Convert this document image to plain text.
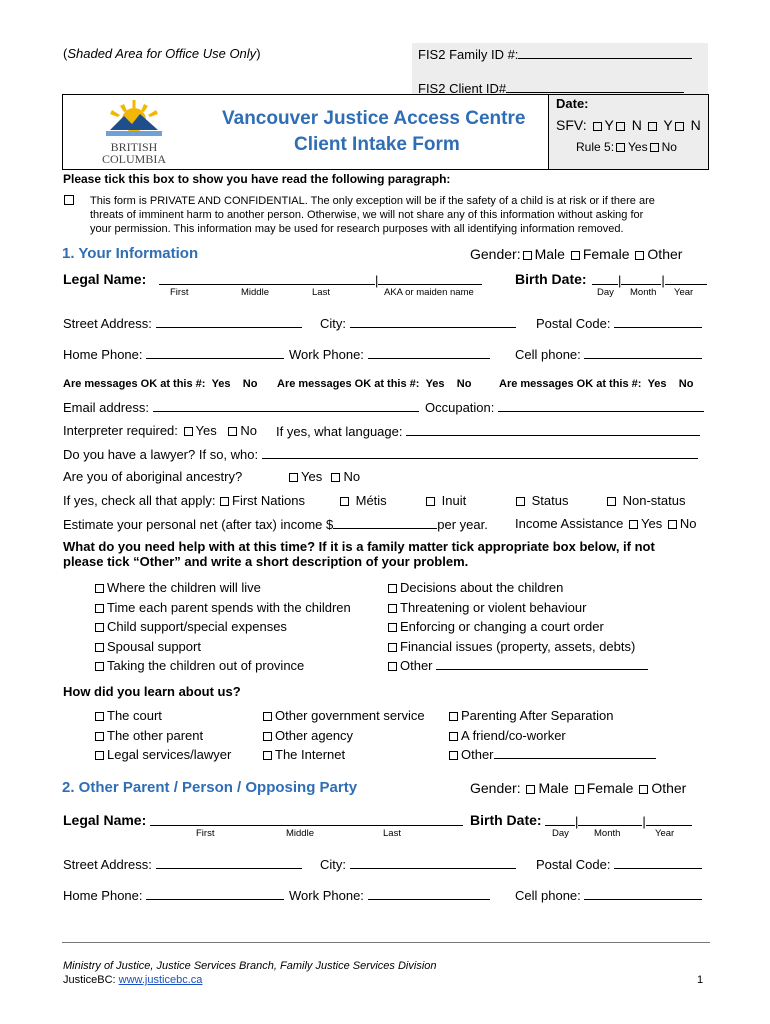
(Shaded Area for Office Use Only)	FIS2 Family ID #:
FIS2 Client ID#
BRITISH
COLUMBIA
Vancouver Justice Access Centre
Client Intake Form
Date:
SFV: Y N Y N
Rule 5: Yes No
Please tick this box to show you have read the following paragraph:
This form is PRIVATE AND CONFIDENTIAL. The only exception will be if the safety of a child is at risk or if there are
threats of imminent harm to another person. Otherwise, we will not share any of this information without asking for
your permission. This information may be used for research purposes with all identifying information removed.
1. Your Information	Gender: Male Female Other
Legal Name:	|	Birth Date:	|	|
First	Middle	Last	AKA or maiden name	Day Month Year
Street Address:	City:	Postal Code:
Home Phone:	Work Phone:	Cell phone:
Are messages OK at this #: Yes No Are messages OK at this #: Yes No	Are messages OK at this #: Yes No
Email address:	Occupation:
Interpreter required: Yes No If yes, what language:
Do you have a lawyer? If so, who:
Are you of aboriginal ancestry?	Yes No
If yes, check all that apply:	First Nations	Métis	Inuit	Status	Non-status
Estimate your personal net (after tax) income $	per year. Income Assistance Yes No
What do you need help with at this time? If it is a family matter tick appropriate box below, if not
please tick “Other” and write a short description of your problem.
Where the children will live
Time each parent spends with the children
Child support/special expenses
Spousal support
Taking the children out of province
Decisions about the children
Threatening or violent behaviour
Enforcing or changing a court order
Financial issues (property, assets, debts)
Other
How did you learn about us?
The court
The other parent
Legal services/lawyer
Other government service
Other agency
The Internet
Parenting After Separation
A friend/co-worker
Other
2. Other Parent / Person / Opposing Party	Gender: Male Female Other
Legal Name:	Birth Date:	|	|
First	Middle	Last	Day	Month	Year
Street Address:	City:	Postal Code:
Home Phone:	Work Phone:	Cell phone:
Ministry of Justice, Justice Services Branch, Family Justice Services Division
JusticeBC: www.justicebc.ca	1
